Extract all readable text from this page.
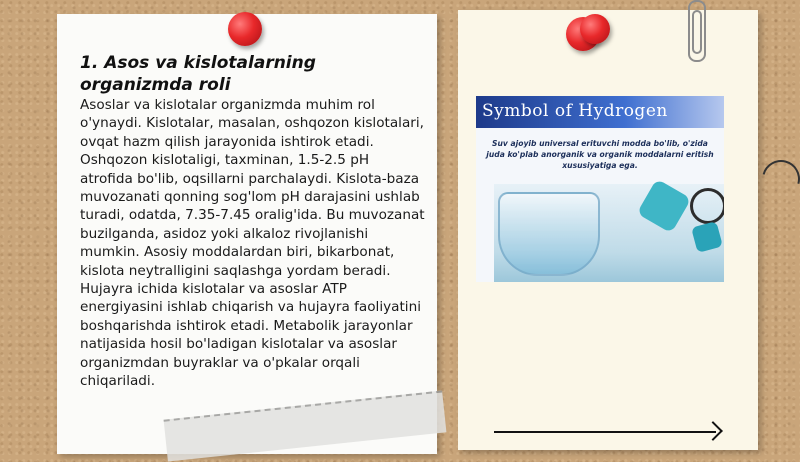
1. Asos va kislotalarning organizmda roli
Asoslar va kislotalar organizmda muhim rol o'ynaydi. Kislotalar, masalan, oshqozon kislotalari, ovqat hazm qilish jarayonida ishtirok etadi. Oshqozon kislotaligi, taxminan, 1.5-2.5 pH atrofida bo'lib, oqsillarni parchalaydi. Kislota-baza muvozanati qonning sog'lom pH darajasini ushlab turadi, odatda, 7.35-7.45 oralig'ida. Bu muvozanat buzilganda, asidoz yoki alkaloz rivojlanishi mumkin. Asosiy moddalardan biri, bikarbonat, kislota neytralligini saqlashga yordam beradi. Hujayra ichida kislotalar va asoslar ATP energiyasini ishlab chiqarish va hujayra faoliyatini boshqarishda ishtirok etadi. Metabolik jarayonlar natijasida hosil bo'ladigan kislotalar va asoslar organizmdan buyraklar va o'pkalar orqali chiqariladi.
Symbol of Hydrogen
Suv ajoyib universal erituvchi modda bo'lib, o'zida juda ko'plab anorganik va organik moddalarni eritish xususiyatiga ega.
